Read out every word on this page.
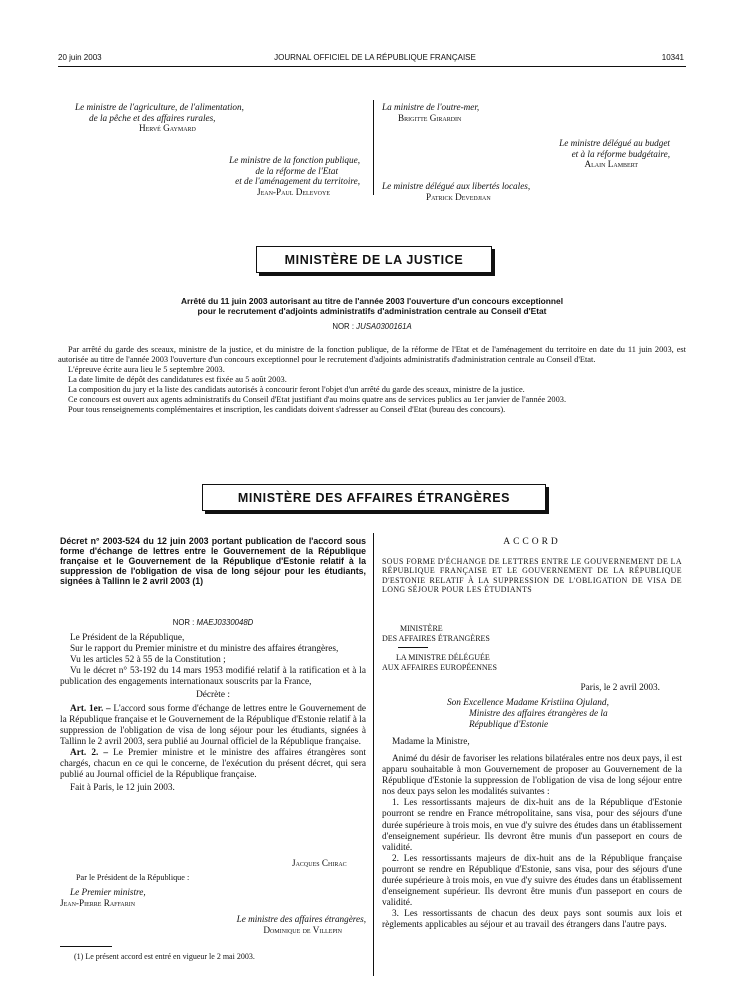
20 juin 2003	JOURNAL OFFICIEL DE LA RÉPUBLIQUE FRANÇAISE	10341
Le ministre de l'agriculture, de l'alimentation,
de la pêche et des affaires rurales,
Hervé Gaymard
Le ministre de la fonction publique,
de la réforme de l'Etat
et de l'aménagement du territoire,
Jean-Paul Delevoye
La ministre de l'outre-mer,
Brigitte Girardin
Le ministre délégué au budget
et à la réforme budgétaire,
Alain Lambert
Le ministre délégué aux libertés locales,
Patrick Devedjian
MINISTÈRE DE LA JUSTICE
Arrêté du 11 juin 2003 autorisant au titre de l'année 2003 l'ouverture d'un concours exceptionnel
pour le recrutement d'adjoints administratifs d'administration centrale au Conseil d'Etat
NOR : JUSA0300161A

Par arrêté du garde des sceaux, ministre de la justice, et du ministre de la fonction publique, de la réforme de l'Etat et de l'aménagement du territoire en date du 11 juin 2003, est autorisée au titre de l'année 2003 l'ouverture d'un concours exceptionnel pour le recrutement d'adjoints administratifs d'administration centrale au Conseil d'Etat.

L'épreuve écrite aura lieu le 5 septembre 2003.

La date limite de dépôt des candidatures est fixée au 5 août 2003.

La composition du jury et la liste des candidats autorisés à concourir feront l'objet d'un arrêté du garde des sceaux, ministre de la justice.

Ce concours est ouvert aux agents administratifs du Conseil d'Etat justifiant d'au moins quatre ans de services publics au 1er janvier de l'année 2003.

Pour tous renseignements complémentaires et inscription, les candidats doivent s'adresser au Conseil d'Etat (bureau des concours).

MINISTÈRE DES AFFAIRES ÉTRANGÈRES
Décret n° 2003-524 du 12 juin 2003 portant publication de l'accord sous forme d'échange de lettres entre le Gouvernement de la République française et le Gouvernement de la République d'Estonie relatif à la suppression de l'obligation de visa de long séjour pour les étudiants, signées à Tallinn le 2 avril 2003 (1)
NOR : MAEJ0330048D

Le Président de la République,

Sur le rapport du Premier ministre et du ministre des affaires étrangères,

Vu les articles 52 à 55 de la Constitution ;

Vu le décret n° 53-192 du 14 mars 1953 modifié relatif à la ratification et à la publication des engagements internationaux souscrits par la France,

Décrète :

Art. 1er. – L'accord sous forme d'échange de lettres entre le Gouvernement de la République française et le Gouvernement de la République d'Estonie relatif à la suppression de l'obligation de visa de long séjour pour les étudiants, signées à Tallinn le 2 avril 2003, sera publié au Journal officiel de la République française.

Art. 2. – Le Premier ministre et le ministre des affaires étrangères sont chargés, chacun en ce qui le concerne, de l'exécution du présent décret, qui sera publié au Journal officiel de la République française.

Fait à Paris, le 12 juin 2003.

Jacques Chirac
Par le Président de la République :
Le Premier ministre,
Jean-Pierre Raffarin
Le ministre des affaires étrangères,
Dominique de Villepin
(1) Le présent accord est entré en vigueur le 2 mai 2003.
ACCORD
SOUS FORME D'ÉCHANGE DE LETTRES ENTRE LE GOUVERNEMENT DE LA RÉPUBLIQUE FRANÇAISE ET LE GOUVERNEMENT DE LA RÉPUBLIQUE D'ESTONIE RELATIF À LA SUPPRESSION DE L'OBLIGATION DE VISA DE LONG SÉJOUR POUR LES ÉTUDIANTS
MINISTÈRE
DES AFFAIRES ÉTRANGÈRES
LA MINISTRE DÉLÉGUÉE
AUX AFFAIRES EUROPÉENNES
Paris, le 2 avril 2003.
Son Excellence Madame Kristiina Ojuland,
Ministre des affaires étrangères de la
République d'Estonie
Madame la Ministre,

Animé du désir de favoriser les relations bilatérales entre nos deux pays, il est apparu souhaitable à mon Gouvernement de proposer au Gouvernement de la République d'Estonie la suppression de l'obligation de visa de long séjour entre nos deux pays selon les modalités suivantes :

1. Les ressortissants majeurs de dix-huit ans de la République d'Estonie pourront se rendre en France métropolitaine, sans visa, pour des séjours d'une durée supérieure à trois mois, en vue d'y suivre des études dans un établissement d'enseignement supérieur. Ils devront être munis d'un passeport en cours de validité.

2. Les ressortissants majeurs de dix-huit ans de la République française pourront se rendre en République d'Estonie, sans visa, pour des séjours d'une durée supérieure à trois mois, en vue d'y suivre des études dans un établissement d'enseignement supérieur. Ils devront être munis d'un passeport en cours de validité.

3. Les ressortissants de chacun des deux pays sont soumis aux lois et règlements applicables au séjour et au travail des étrangers dans l'autre pays.
